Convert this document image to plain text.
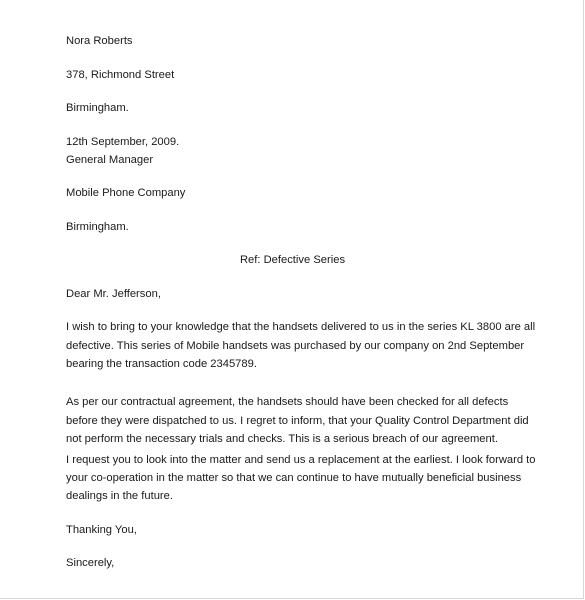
Nora Roberts
378, Richmond Street
Birmingham.
12th September, 2009.
General Manager
Mobile Phone Company
Birmingham.
Ref: Defective Series
Dear Mr. Jefferson,
I wish to bring to your knowledge that the handsets delivered to us in the series KL 3800 are all
defective. This series of Mobile handsets was purchased by our company on 2nd September
bearing the transaction code 2345789.
As per our contractual agreement, the handsets should have been checked for all defects
before they were dispatched to us. I regret to inform, that your Quality Control Department did
not perform the necessary trials and checks. This is a serious breach of our agreement.
I request you to look into the matter and send us a replacement at the earliest. I look forward to
your co-operation in the matter so that we can continue to have mutually beneficial business
dealings in the future.
Thanking You,
Sincerely,
